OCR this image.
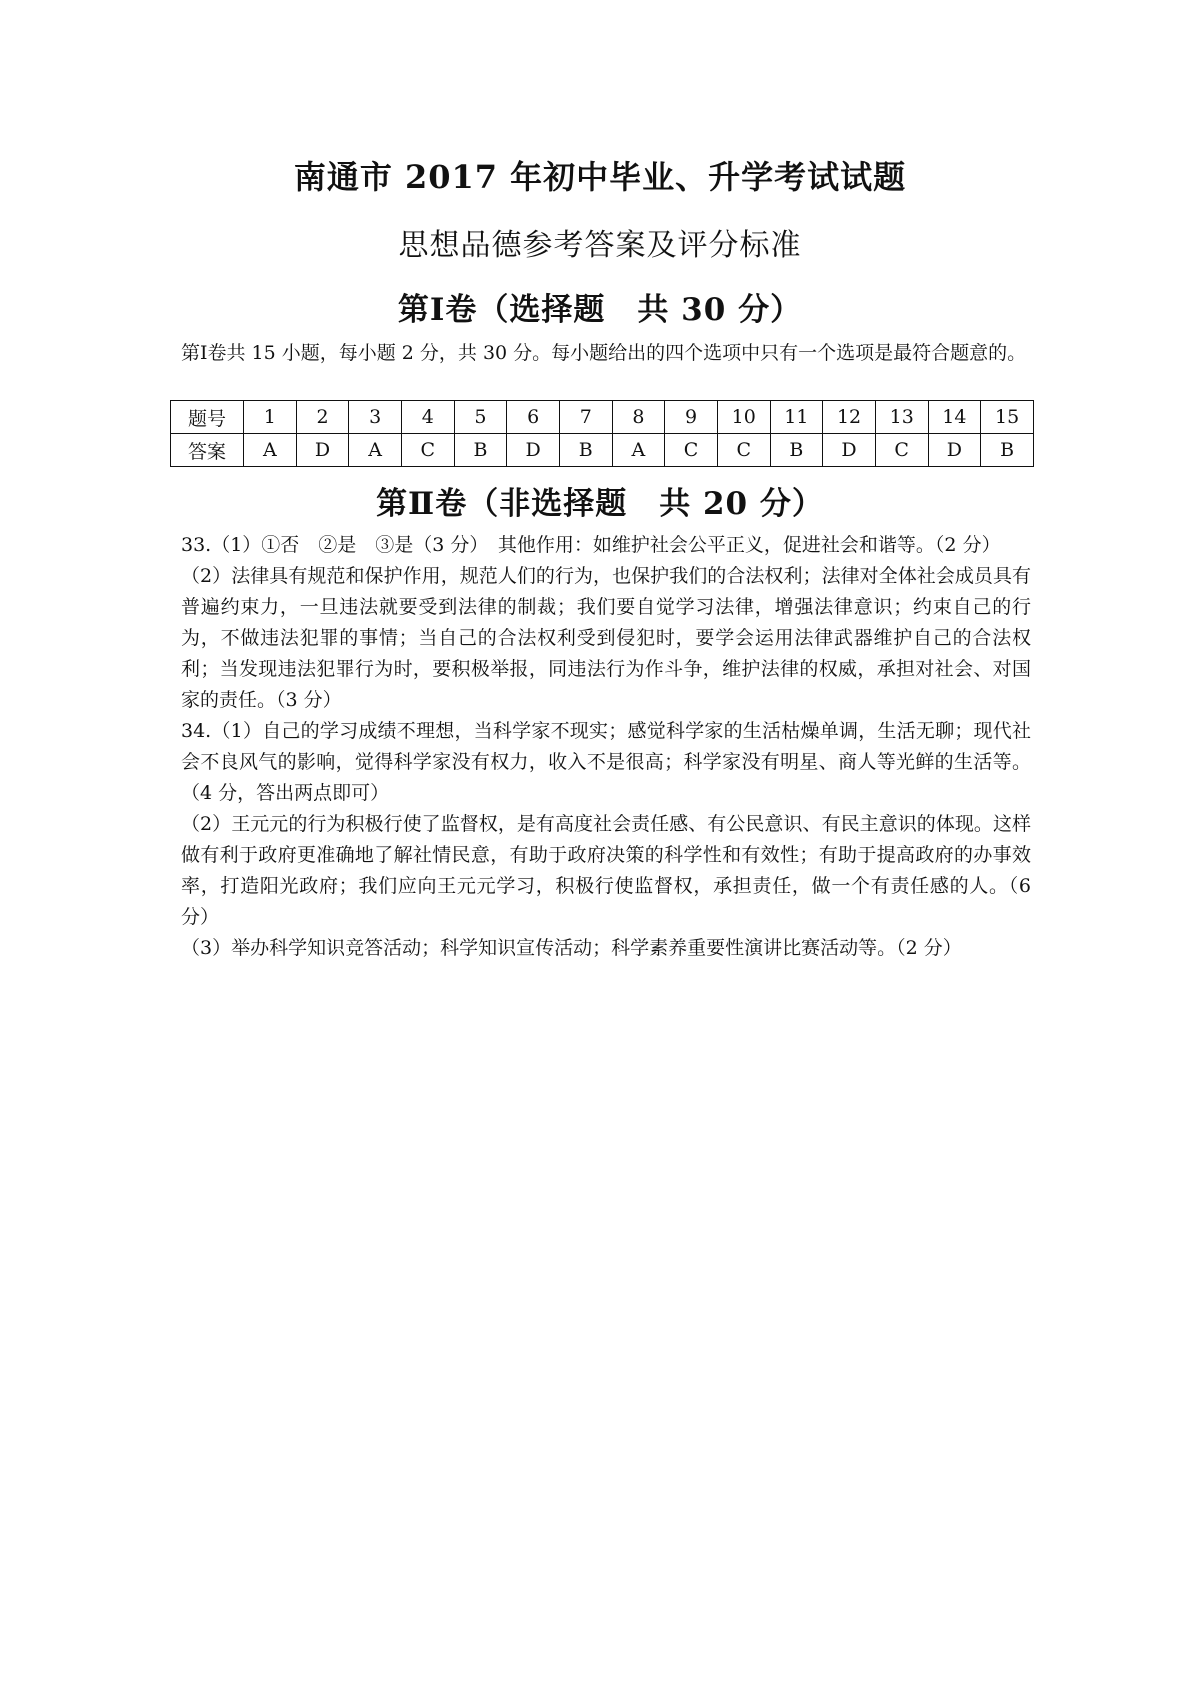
南通市 2017 年初中毕业、升学考试试题
思想品德参考答案及评分标准
第Ⅰ卷（选择题　共 30 分）
第Ⅰ卷共 15 小题，每小题 2 分，共 30 分。每小题给出的四个选项中只有一个选项是最符合题意的。
题号	1	2	3	4	5	6	7	8	9	10	11	12	13	14	15
答案	A	D	A	C	B	D	B	A	C	C	B	D	C	D	B
第Ⅱ卷（非选择题　共 20 分）

33.（1）①否　②是　③是（3 分）　其他作用：如维护社会公平正义，促进社会和谐等。（2 分）

（2）法律具有规范和保护作用，规范人们的行为，也保护我们的合法权利；法律对全体社会成员具有普遍约束力，一旦违法就要受到法律的制裁；我们要自觉学习法律，增强法律意识；约束自己的行为，不做违法犯罪的事情；当自己的合法权利受到侵犯时，要学会运用法律武器维护自己的合法权利；当发现违法犯罪行为时，要积极举报，同违法行为作斗争，维护法律的权威，承担对社会、对国家的责任。（3 分）

34.（1）自己的学习成绩不理想，当科学家不现实；感觉科学家的生活枯燥单调，生活无聊；现代社会不良风气的影响，觉得科学家没有权力，收入不是很高；科学家没有明星、商人等光鲜的生活等。（4 分，答出两点即可）

（2）王元元的行为积极行使了监督权，是有高度社会责任感、有公民意识、有民主意识的体现。这样做有利于政府更准确地了解社情民意，有助于政府决策的科学性和有效性；有助于提高政府的办事效率，打造阳光政府；我们应向王元元学习，积极行使监督权，承担责任，做一个有责任感的人。（6 分）

（3）举办科学知识竞答活动；科学知识宣传活动；科学素养重要性演讲比赛活动等。（2 分）
